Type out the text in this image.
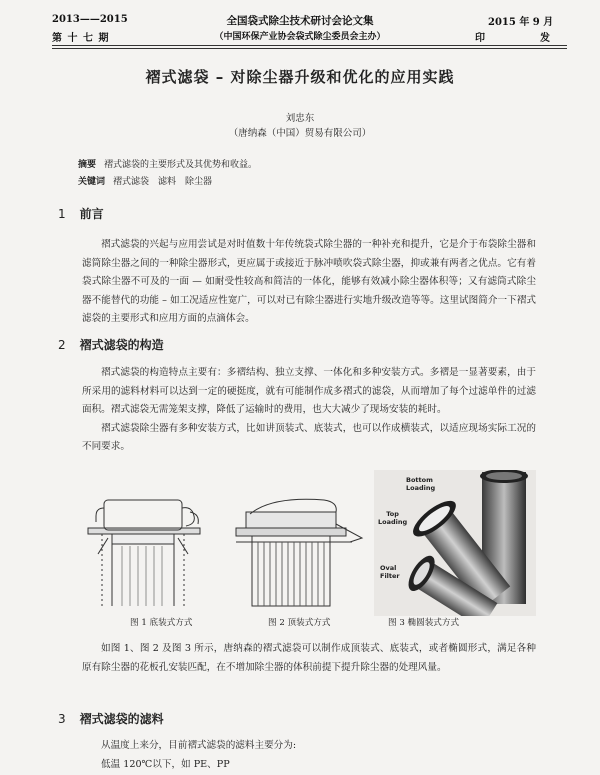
2013——2015
第 十 七 期
全国袋式除尘技术研讨会论文集
（中国环保产业协会袋式除尘委员会主办）
2015 年 9 月
印	发
褶式滤袋 – 对除尘器升级和优化的应用实践
刘忠东
（唐纳森（中国）贸易有限公司）
摘要 褶式滤袋的主要形式及其优势和收益。
关键词 褶式滤袋　滤料　除尘器
1 前言

褶式滤袋的兴起与应用尝试是对时值数十年传统袋式除尘器的一种补充和提升，它是介于布袋除尘器和滤筒除尘器之间的一种除尘器形式，更应属于或接近于脉冲喷吹袋式除尘器，抑或兼有两者之优点。它有着袋式除尘器不可及的一面 — 如耐受性较高和简洁的一体化，能够有效减小除尘器体积等；又有滤筒式除尘器不能替代的功能 – 如工况适应性宽广，可以对已有除尘器进行实地升级改造等等。这里试图简介一下褶式滤袋的主要形式和应用方面的点滴体会。

2 褶式滤袋的构造

褶式滤袋的构造特点主要有：多褶结构、独立支撑、一体化和多种安装方式。多褶是一显著要素，由于所采用的滤料材料可以达到一定的硬挺度，就有可能制作成多褶式的滤袋，从而增加了每个过滤单件的过滤面积。褶式滤袋无需笼架支撑，降低了运输时的费用，也大大减少了现场安装的耗时。

褶式滤袋除尘器有多种安装方式，比如讲顶装式、底装式，也可以作成横装式，以适应现场实际工况的不同要求。

Bottom
Loading
Top
Loading
Oval
Filter
图 1 底装式方式	图 2 顶装式方式	图 3 椭圆装式方式

如图 1、图 2 及图 3 所示，唐纳森的褶式滤袋可以制作成顶装式、底装式，或者椭圆形式，满足各种原有除尘器的花板孔安装匹配，在不增加除尘器的体积前提下提升除尘器的处理风量。

3 褶式滤袋的滤料
从温度上来分，目前褶式滤袋的滤料主要分为:
低温 120℃以下，如 PE、PP
